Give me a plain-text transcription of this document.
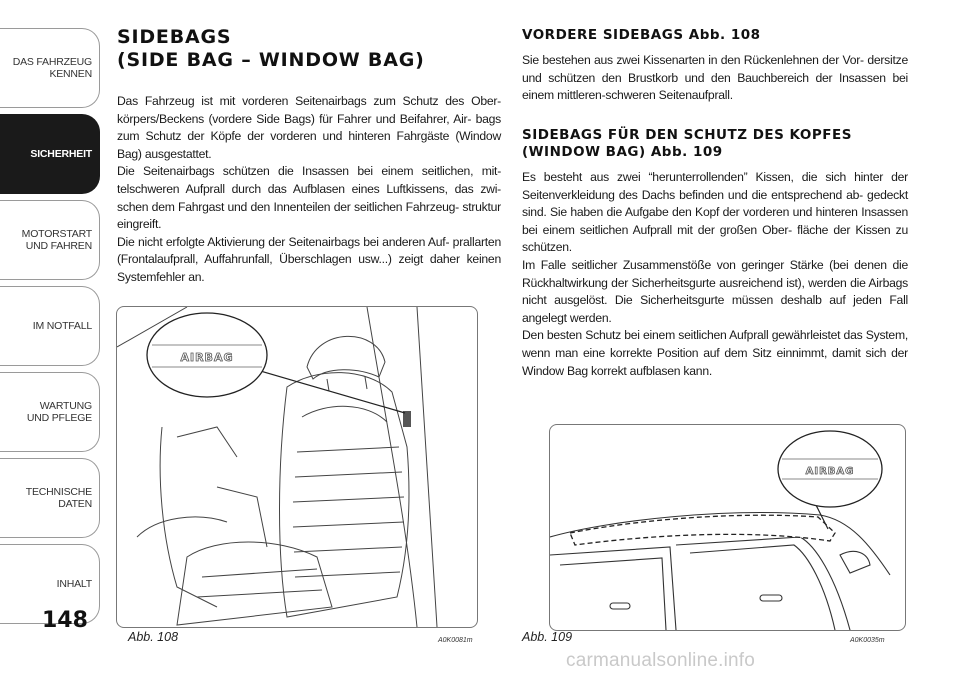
DAS FAHRZEUG
KENNEN
SICHERHEIT
MOTORSTART
UND FAHREN
IM NOTFALL
WARTUNG
UND PFLEGE
TECHNISCHE
DATEN
INHALT
148
SIDEBAGS
(SIDE BAG – WINDOW BAG)

Das Fahrzeug ist mit vorderen Seitenairbags zum Schutz des Ober- körpers/Beckens (vordere Side Bags) für Fahrer und Beifahrer, Air- bags zum Schutz der Köpfe der vorderen und hinteren Fahrgäste (Window Bag) ausgestattet.

Die Seitenairbags schützen die Insassen bei einem seitlichen, mit- telschweren Aufprall durch das Aufblasen eines Luftkissens, das zwi- schen dem Fahrgast und den Innenteilen der seitlichen Fahrzeug- struktur eingreift.

Die nicht erfolgte Aktivierung der Seitenairbags bei anderen Auf- prallarten (Frontalaufprall, Auffahrunfall, Überschlagen usw...) zeigt daher keinen Systemfehler an.

AIRBAG
Abb. 108	A0K0081m
VORDERE SIDEBAGS Abb. 108

Sie bestehen aus zwei Kissenarten in den Rückenlehnen der Vor- dersitze und schützen den Brustkorb und den Bauchbereich der Insassen bei einem mittleren-schweren Seitenaufprall.

SIDEBAGS FÜR DEN SCHUTZ DES KOPFES
(WINDOW BAG) Abb. 109

Es besteht aus zwei “herunterrollenden” Kissen, die sich hinter der Seitenverkleidung des Dachs befinden und die entsprechend ab- gedeckt sind. Sie haben die Aufgabe den Kopf der vorderen und hinteren Insassen bei einem seitlichen Aufprall mit der großen Ober- fläche der Kissen zu schützen.

Im Falle seitlicher Zusammenstöße von geringer Stärke (bei denen die Rückhaltwirkung der Sicherheitsgurte ausreichend ist), werden die Airbags nicht ausgelöst. Die Sicherheitsgurte müssen deshalb auf jeden Fall angelegt werden.

Den besten Schutz bei einem seitlichen Aufprall gewährleistet das System, wenn man eine korrekte Position auf dem Sitz einnimmt, damit sich der Window Bag korrekt aufblasen kann.

AIRBAG
Abb. 109	A0K0035m
carmanualsonline.info
